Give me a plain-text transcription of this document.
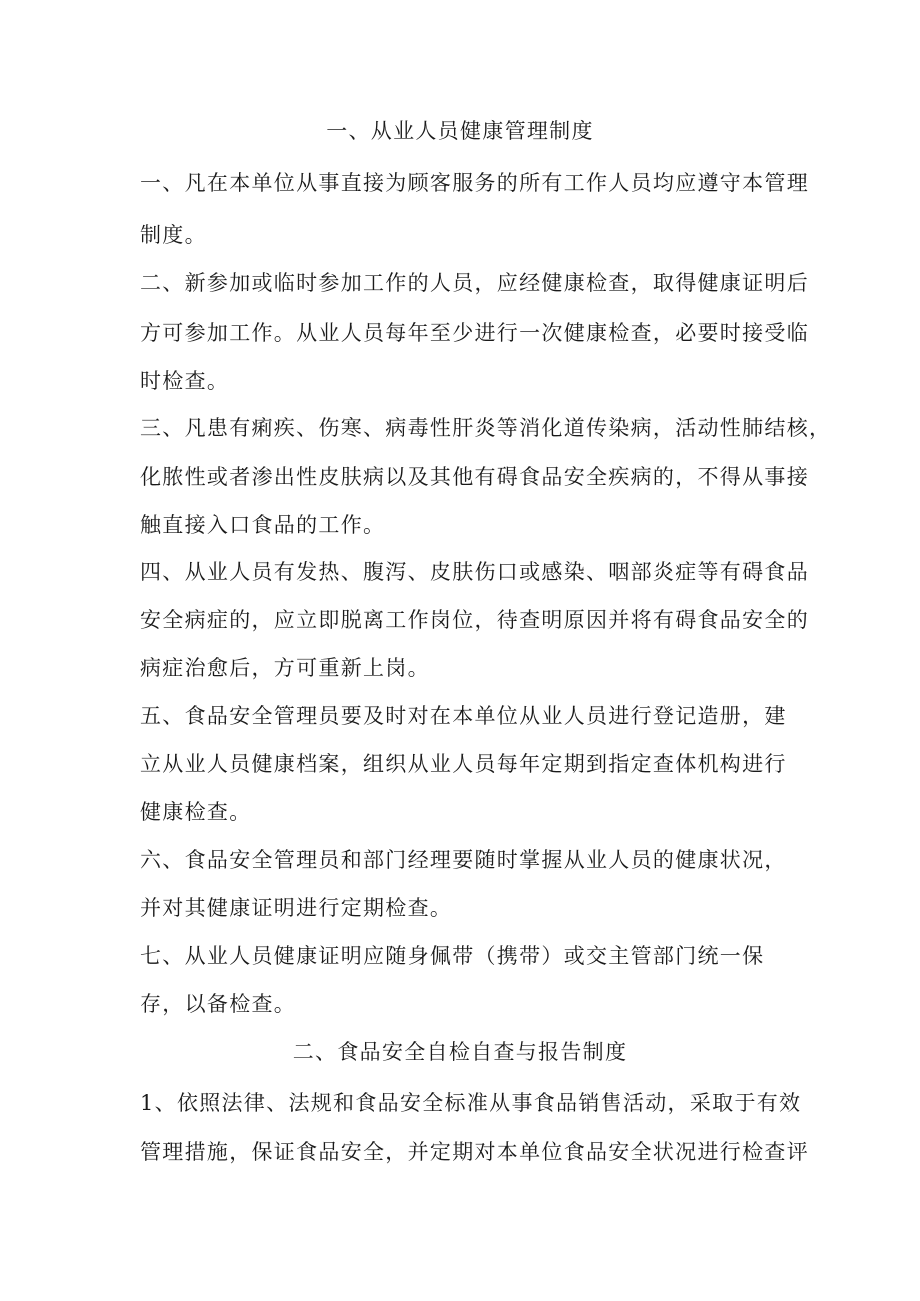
一、从业人员健康管理制度
一、凡在本单位从事直接为顾客服务的所有工作人员均应遵守本管理
制度。
二、新参加或临时参加工作的人员，应经健康检查，取得健康证明后
方可参加工作。从业人员每年至少进行一次健康检查，必要时接受临
时检查。
三、凡患有痢疾、伤寒、病毒性肝炎等消化道传染病，活动性肺结核，
化脓性或者渗出性皮肤病以及其他有碍食品安全疾病的，不得从事接
触直接入口食品的工作。
四、从业人员有发热、腹泻、皮肤伤口或感染、咽部炎症等有碍食品
安全病症的，应立即脱离工作岗位，待查明原因并将有碍食品安全的
病症治愈后，方可重新上岗。
五、食品安全管理员要及时对在本单位从业人员进行登记造册，建
立从业人员健康档案，组织从业人员每年定期到指定查体机构进行
健康检查。
六、食品安全管理员和部门经理要随时掌握从业人员的健康状况，
并对其健康证明进行定期检查。
七、从业人员健康证明应随身佩带（携带）或交主管部门统一保
存，以备检查。
二、食品安全自检自查与报告制度
1、依照法律、法规和食品安全标准从事食品销售活动，采取于有效
管理措施，保证食品安全，并定期对本单位食品安全状况进行检查评
